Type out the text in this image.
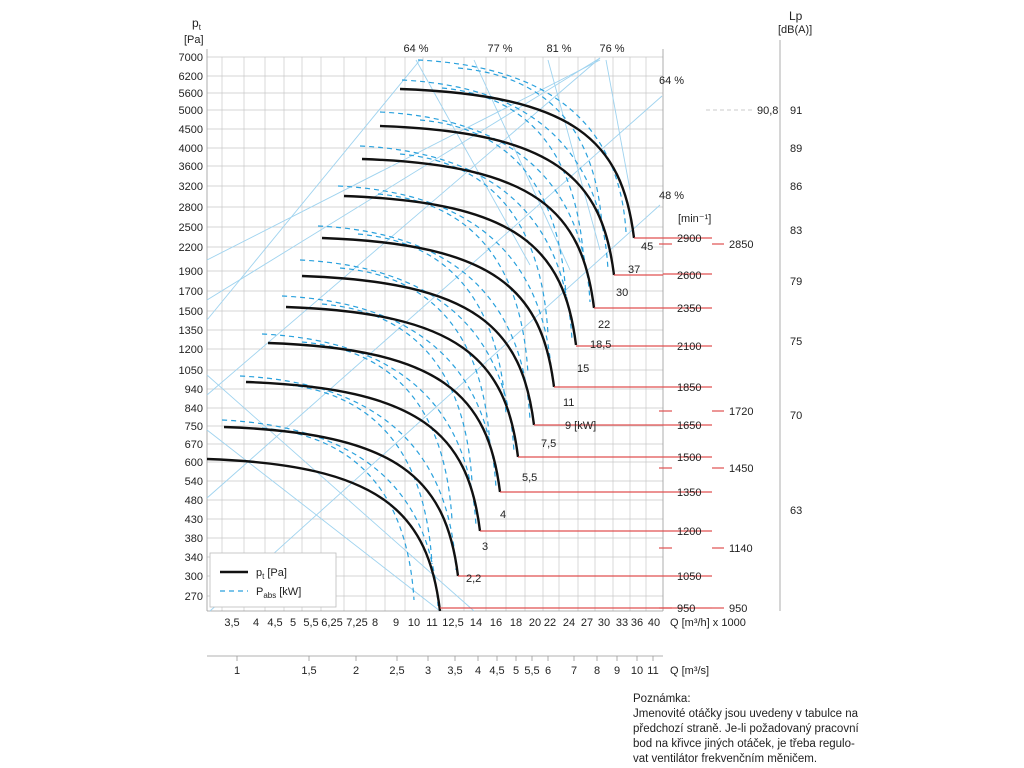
7000
6200
5600
5000
4500
4000
3600
3200
2800
2500
2200
1900
1700
1500
1350
1200
1050
940
840
750
670
600
540
480
430
380
340
300
270
3,5 4 4,5 5 5,5 6,25 7,25 8 9 10 11 12,5 14 16 18 20 22 24 27 30 33 36 40
1	1,5	2	2,5 3 3,5 4 4,5 5 5,5 6 7 8 9 10 11
64 %	77 %	81 %	76 %
64 %
48 %
2900
2600
2350
2100
1850
1650
1500
1350
1200
1050
950
2850
1720
1450
1140
950
45
37
30
22
18,5
15
11
9 [kW]
7,5
5,5
4
3
2,2
91
89
86
83
79
75
70
63
90,8
$p_t$
[Pa]
Lp
[dB(A)]
[min⁻¹]
Q [m³/h] x 1000
Q [m³/s]
$p_t$ [Pa]
$P_{abs}$ [kW]
Poznámka:
Jmenovité otáčky jsou uvedeny v tabulce na
předchozí straně. Je-li požadovaný pracovní
bod na křivce jiných otáček, je třeba regulo-
vat ventilátor frekvenčním měničem.
